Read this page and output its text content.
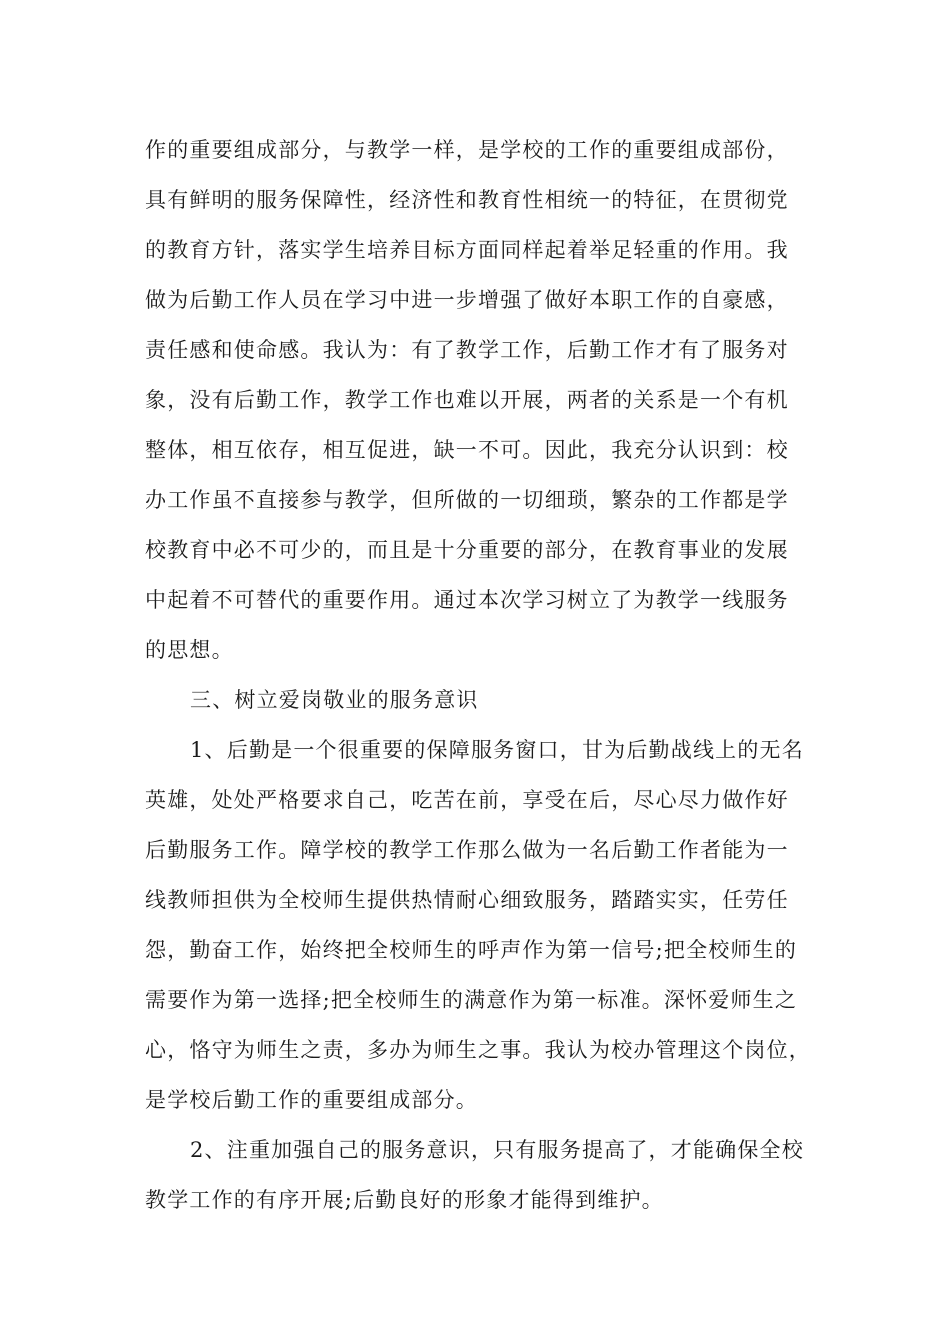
作的重要组成部分，与教学一样，是学校的工作的重要组成部份，
具有鲜明的服务保障性，经济性和教育性相统一的特征，在贯彻党
的教育方针，落实学生培养目标方面同样起着举足轻重的作用。我
做为后勤工作人员在学习中进一步增强了做好本职工作的自豪感，
责任感和使命感。我认为：有了教学工作，后勤工作才有了服务对
象，没有后勤工作，教学工作也难以开展，两者的关系是一个有机
整体，相互依存，相互促进，缺一不可。因此，我充分认识到：校
办工作虽不直接参与教学，但所做的一切细琐，繁杂的工作都是学
校教育中必不可少的，而且是十分重要的部分，在教育事业的发展
中起着不可替代的重要作用。通过本次学习树立了为教学一线服务
的思想。
三、树立爱岗敬业的服务意识
1、后勤是一个很重要的保障服务窗口，甘为后勤战线上的无名
英雄，处处严格要求自己，吃苦在前，享受在后，尽心尽力做作好
后勤服务工作。障学校的教学工作那么做为一名后勤工作者能为一
线教师担供为全校师生提供热情耐心细致服务，踏踏实实，任劳任
怨，勤奋工作，始终把全校师生的呼声作为第一信号;把全校师生的
需要作为第一选择;把全校师生的满意作为第一标准。深怀爱师生之
心，恪守为师生之责，多办为师生之事。我认为校办管理这个岗位，
是学校后勤工作的重要组成部分。
2、注重加强自己的服务意识，只有服务提高了，才能确保全校
教学工作的有序开展;后勤良好的形象才能得到维护。
